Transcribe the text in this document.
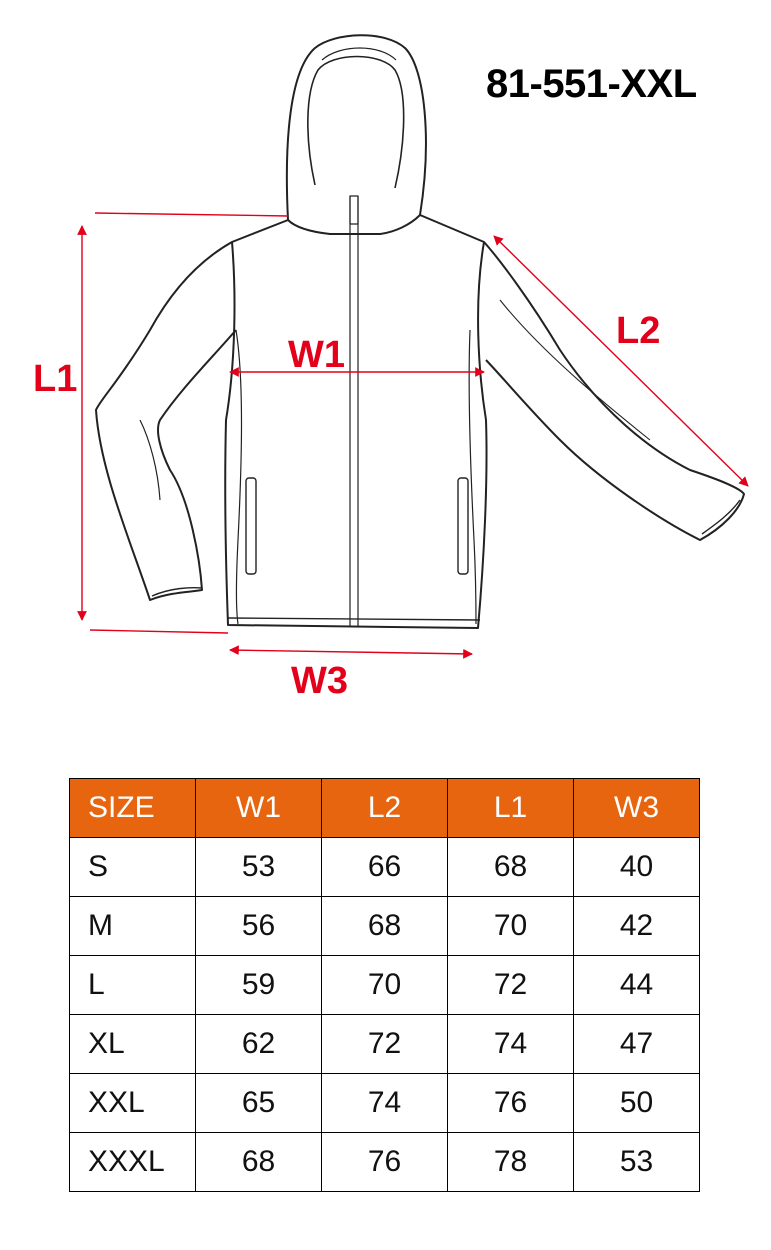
81-551-XXL
L1
W1
L2
W3
SIZE	W1	L2	L1	W3
S	53	66	68	40
M	56	68	70	42
L	59	70	72	44
XL	62	72	74	47
XXL	65	74	76	50
XXXL	68	76	78	53
